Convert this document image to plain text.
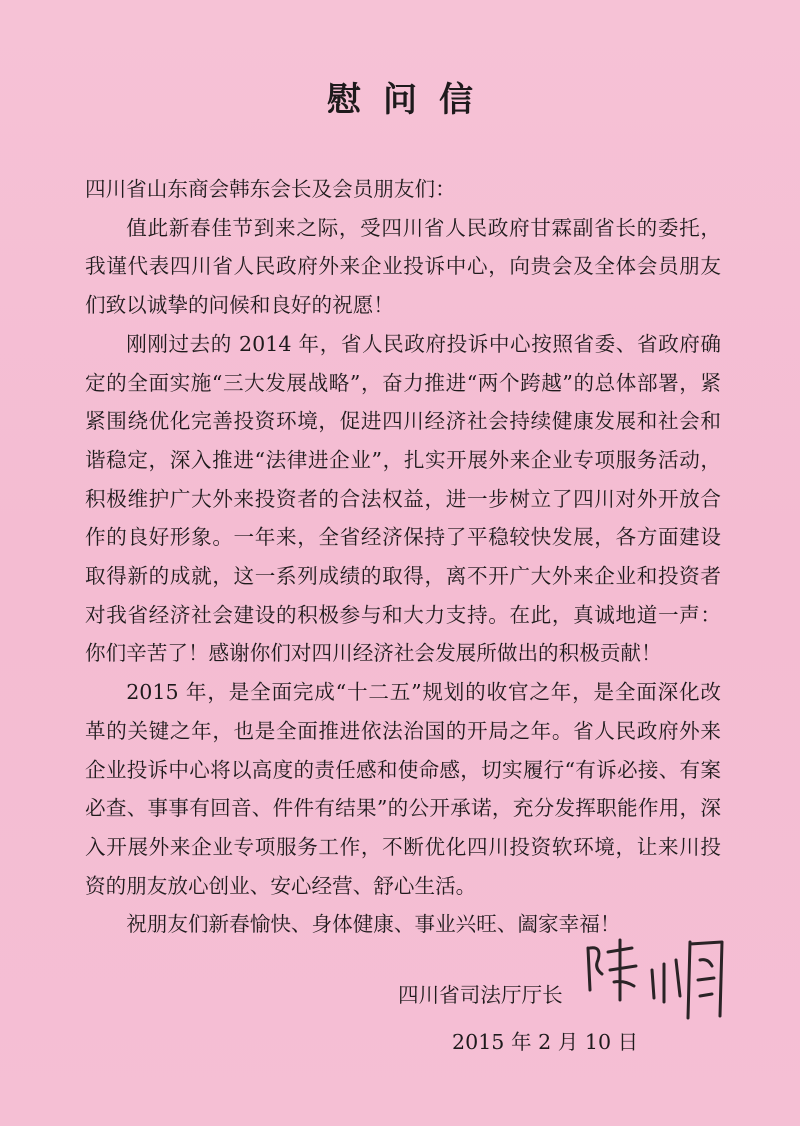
慰问信

四川省山东商会韩东会长及会员朋友们：

值此新春佳节到来之际，受四川省人民政府甘霖副省长的委托，我谨代表四川省人民政府外来企业投诉中心，向贵会及全体会员朋友们致以诚挚的问候和良好的祝愿！

刚刚过去的 2014 年，省人民政府投诉中心按照省委、省政府确定的全面实施“三大发展战略”，奋力推进“两个跨越”的总体部署，紧紧围绕优化完善投资环境，促进四川经济社会持续健康发展和社会和谐稳定，深入推进“法律进企业”，扎实开展外来企业专项服务活动，积极维护广大外来投资者的合法权益，进一步树立了四川对外开放合作的良好形象。一年来，全省经济保持了平稳较快发展，各方面建设取得新的成就，这一系列成绩的取得，离不开广大外来企业和投资者对我省经济社会建设的积极参与和大力支持。在此，真诚地道一声：你们辛苦了！感谢你们对四川经济社会发展所做出的积极贡献！

2015 年，是全面完成“十二五”规划的收官之年，是全面深化改革的关键之年，也是全面推进依法治国的开局之年。省人民政府外来企业投诉中心将以高度的责任感和使命感，切实履行“有诉必接、有案必查、事事有回音、件件有结果”的公开承诺，充分发挥职能作用，深入开展外来企业专项服务工作，不断优化四川投资软环境，让来川投资的朋友放心创业、安心经营、舒心生活。

祝朋友们新春愉快、身体健康、事业兴旺、阖家幸福！

四川省司法厅厅长
2015 年 2 月 10 日
